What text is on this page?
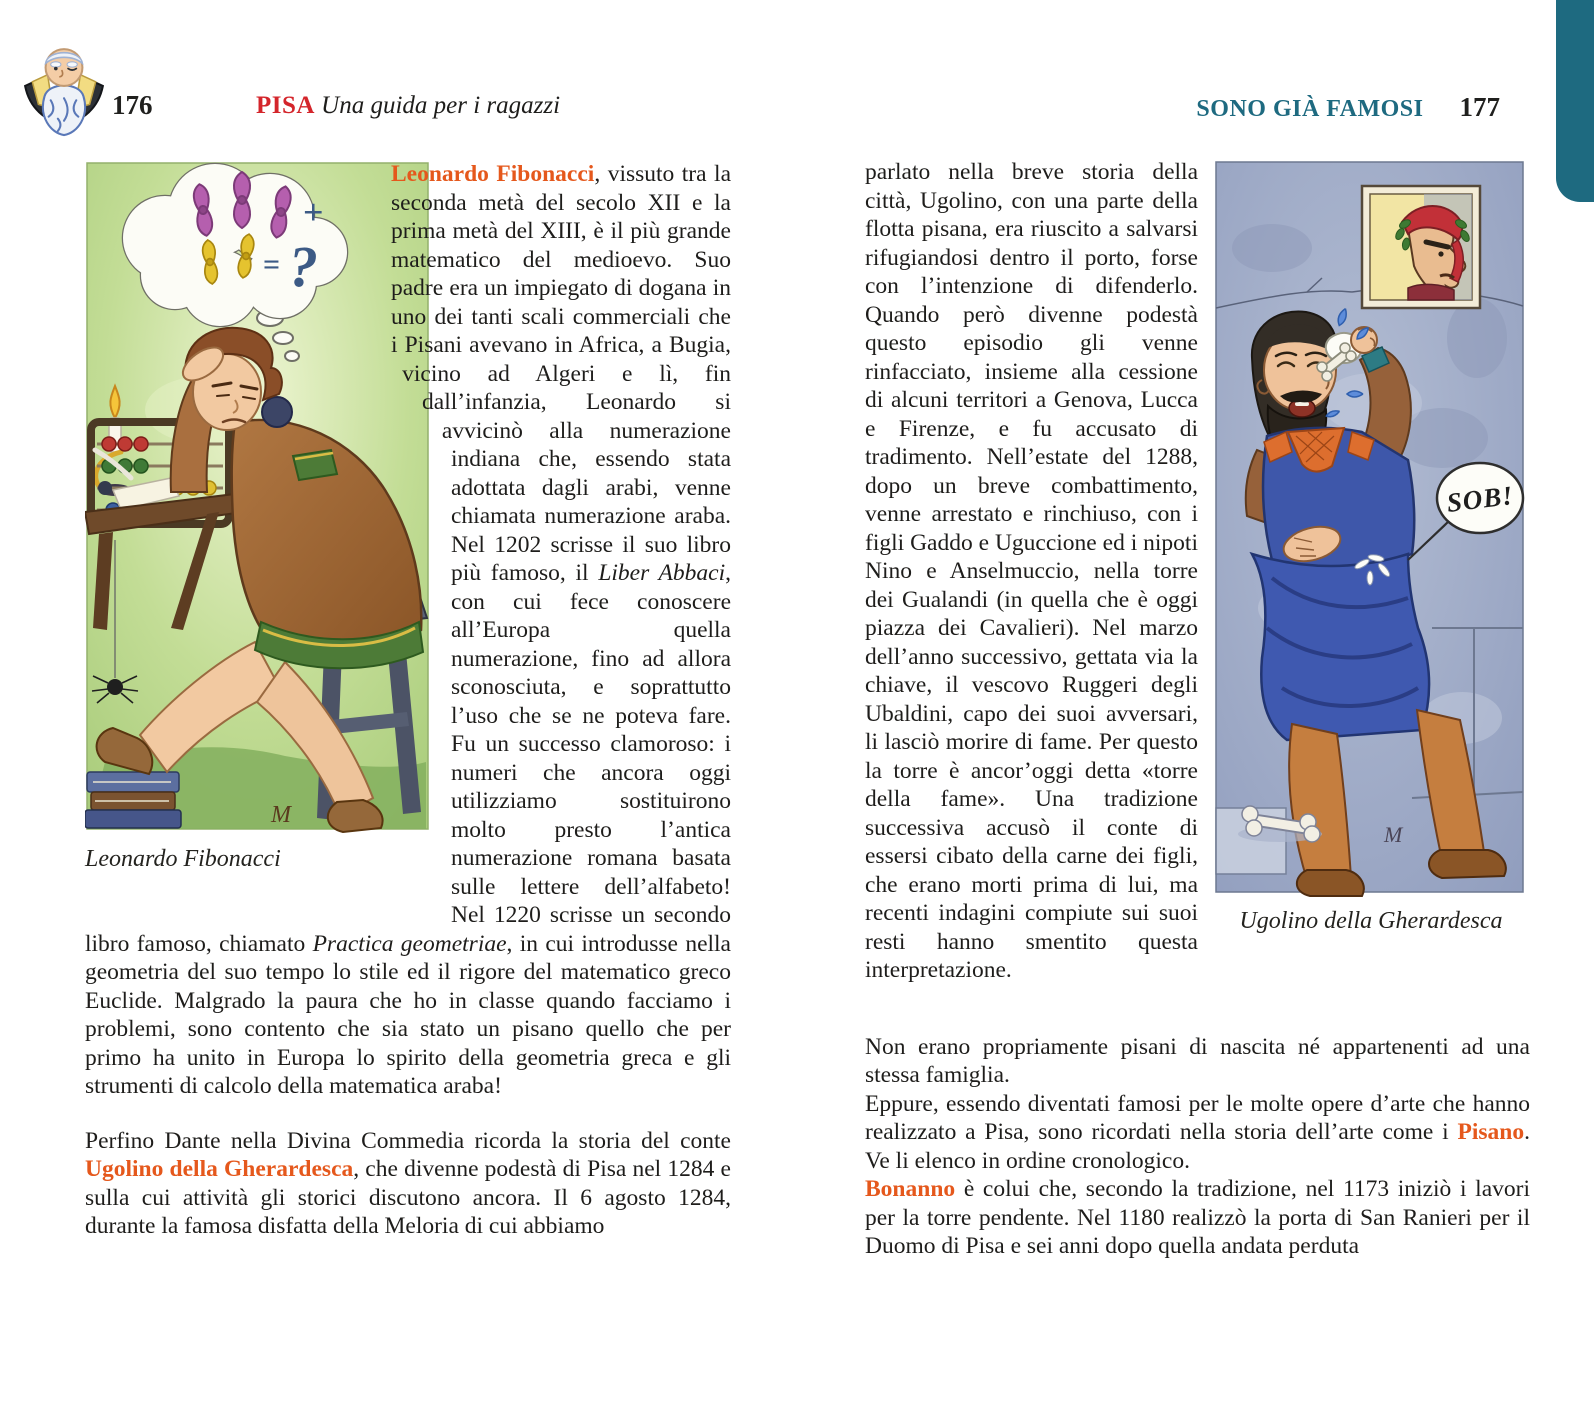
176	PISA Una guida per i ragazzi	SONO GIÀ FAMOSI 177
+
= ?
M
Leonardo Fibonacci

Leonardo Fibonacci, vissuto tra la seconda metà del secolo XII e la prima metà del XIII, è il più grande matematico del medioevo. Suo padre era un impiegato di dogana in uno dei tanti scali commerciali che i Pisani avevano in Africa, a Bugia, vicino ad Algeri e lì, fin dall’infanzia, Leonardo si avvicinò alla numerazione indiana che, essendo stata adottata dagli arabi, venne chiamata numerazione araba. Nel 1202 scrisse il suo libro più famoso, il Liber Abbaci, con cui fece conoscere all’Europa quella numerazione, fino ad allora sconosciuta, e soprattutto l’uso che se ne poteva fare. Fu un successo clamoroso: i numeri che ancora oggi utilizziamo sostituirono molto presto l’antica numerazione romana basata sulle lettere dell’alfabeto! Nel 1220 scrisse un secondo libro famoso, chiamato Practica geometriae, in cui introdusse nella geometria del suo tempo lo stile ed il rigore del matematico greco Euclide. Malgrado la paura che ho in classe quando facciamo i problemi, sono contento che sia stato un pisano quello che per primo ha unito in Europa lo spirito della geometria greca e gli strumenti di calcolo della matematica araba!

Perfino Dante nella Divina Commedia ricorda la storia del conte Ugolino della Gherardesca, che divenne podestà di Pisa nel 1284 e sulla cui attività gli storici discutono ancora. Il 6 agosto 1284, durante la famosa disfatta della Meloria di cui abbiamo

SOB!
M
Ugolino della Gherardesca

parlato nella breve storia della città, Ugolino, con una parte della flotta pisana, era riuscito a salvarsi rifugiandosi dentro il porto, forse con l’intenzione di difenderlo. Quando però divenne podestà questo episodio gli venne rinfacciato, insieme alla cessione di alcuni territori a Genova, Lucca e Firenze, e fu accusato di tradimento. Nell’estate del 1288, dopo un breve combattimento, venne arrestato e rinchiuso, con i figli Gaddo e Uguccione ed i nipoti Nino e Anselmuccio, nella torre dei Gualandi (in quella che è oggi piazza dei Cavalieri). Nel marzo dell’anno successivo, gettata via la chiave, il vescovo Ruggeri degli Ubaldini, capo dei suoi avversari, li lasciò morire di fame. Per questo la torre è ancor’oggi detta «torre della fame». Una tradizione successiva accusò il conte di essersi cibato della carne dei figli, che erano morti prima di lui, ma recenti indagini compiute sui suoi resti hanno smentito questa interpretazione.

Non erano propriamente pisani di nascita né appartenenti ad una stessa famiglia.

Eppure, essendo diventati famosi per le molte opere d’arte che hanno realizzato a Pisa, sono ricordati nella storia dell’arte come i Pisano. Ve li elenco in ordine cronologico.

Bonanno è colui che, secondo la tradizione, nel 1173 iniziò i lavori per la torre pendente. Nel 1180 realizzò la porta di San Ranieri per il Duomo di Pisa e sei anni dopo quella andata perduta
